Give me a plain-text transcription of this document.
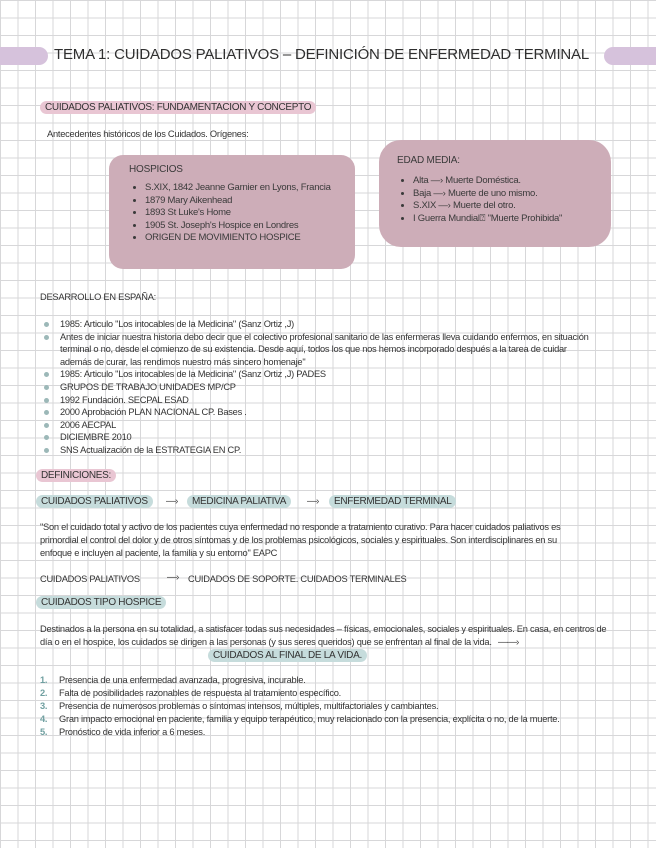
TEMA 1: CUIDADOS PALIATIVOS – DEFINICIÓN DE ENFERMEDAD TERMINAL
CUIDADOS PALIATIVOS: FUNDAMENTACION Y CONCEPTO
Antecedentes históricos de los Cuidados. Orígenes:
HOSPICIOS
• S.XIX, 1842 Jeanne Garnier en Lyons, Francia
• 1879 Mary Aikenhead
• 1893 St Luke's Home
• 1905 St. Joseph's Hospice en Londres
• ORIGEN DE MOVIMIENTO HOSPICE
EDAD MEDIA:
• Alta —› Muerte Doméstica.
• Baja —› Muerte de uno mismo.
• S.XIX —› Muerte del otro.
• I Guerra Mundial⍰ "Muerte Prohibida"
DESARROLLO EN ESPAÑA:
1985: Articulo "Los intocables de la Medicina" (Sanz Ortiz ,J)
Antes de iniciar nuestra historia debo decir que el colectivo profesional sanitario de las enfermeras lleva cuidando enfermos, en situación terminal o no, desde el comienzo de su existencia. Desde aquí, todos los que nos hemos incorporado después a la tarea de cuidar además de curar, las rendimos nuestro más sincero homenaje"
1985: Articulo "Los intocables de la Medicina" (Sanz Ortiz ,J) PADES
GRUPOS DE TRABAJO UNIDADES MP/CP
1992 Fundación. SECPAL ESAD
2000 Aprobación PLAN NACIONAL CP. Bases .
2006 AECPAL
DICIEMBRE 2010
SNS Actualización de la ESTRATEGIA EN CP.
DEFINICIONES:
CUIDADOS PALIATIVOS	—›	MEDICINA PALIATIVA	—›	ENFERMEDAD TERMINAL
"Son el cuidado total y activo de los pacientes cuya enfermedad no responde a tratamiento curativo. Para hacer cuidados paliativos es primordial el control del dolor y de otros síntomas y de los problemas psicológicos, sociales y espirituales. Son interdisciplinares en su enfoque e incluyen al paciente, la familia y su entorno" EAPC
CUIDADOS PALIATIVOS	—› CUIDADOS DE SOPORTE. CUIDADOS TERMINALES
CUIDADOS TIPO HOSPICE
Destinados a la persona en su totalidad, a satisfacer todas sus necesidades – físicas, emocionales, sociales y espirituales. En casa, en centros de día o en el hospice, los cuidados se dirigen a las personas (y sus seres queridos) que se enfrentan al final de la vida. ——›
CUIDADOS AL FINAL DE LA VIDA.
1. Presencia de una enfermedad avanzada, progresiva, incurable.
2. Falta de posibilidades razonables de respuesta al tratamiento específico.
3. Presencia de numerosos problemas o síntomas intensos, múltiples, multifactoriales y cambiantes.
4. Gran impacto emocional en paciente, familia y equipo terapéutico, muy relacionado con la presencia, explícita o no, de la muerte.
5. Pronóstico de vida inferior a 6 meses.
